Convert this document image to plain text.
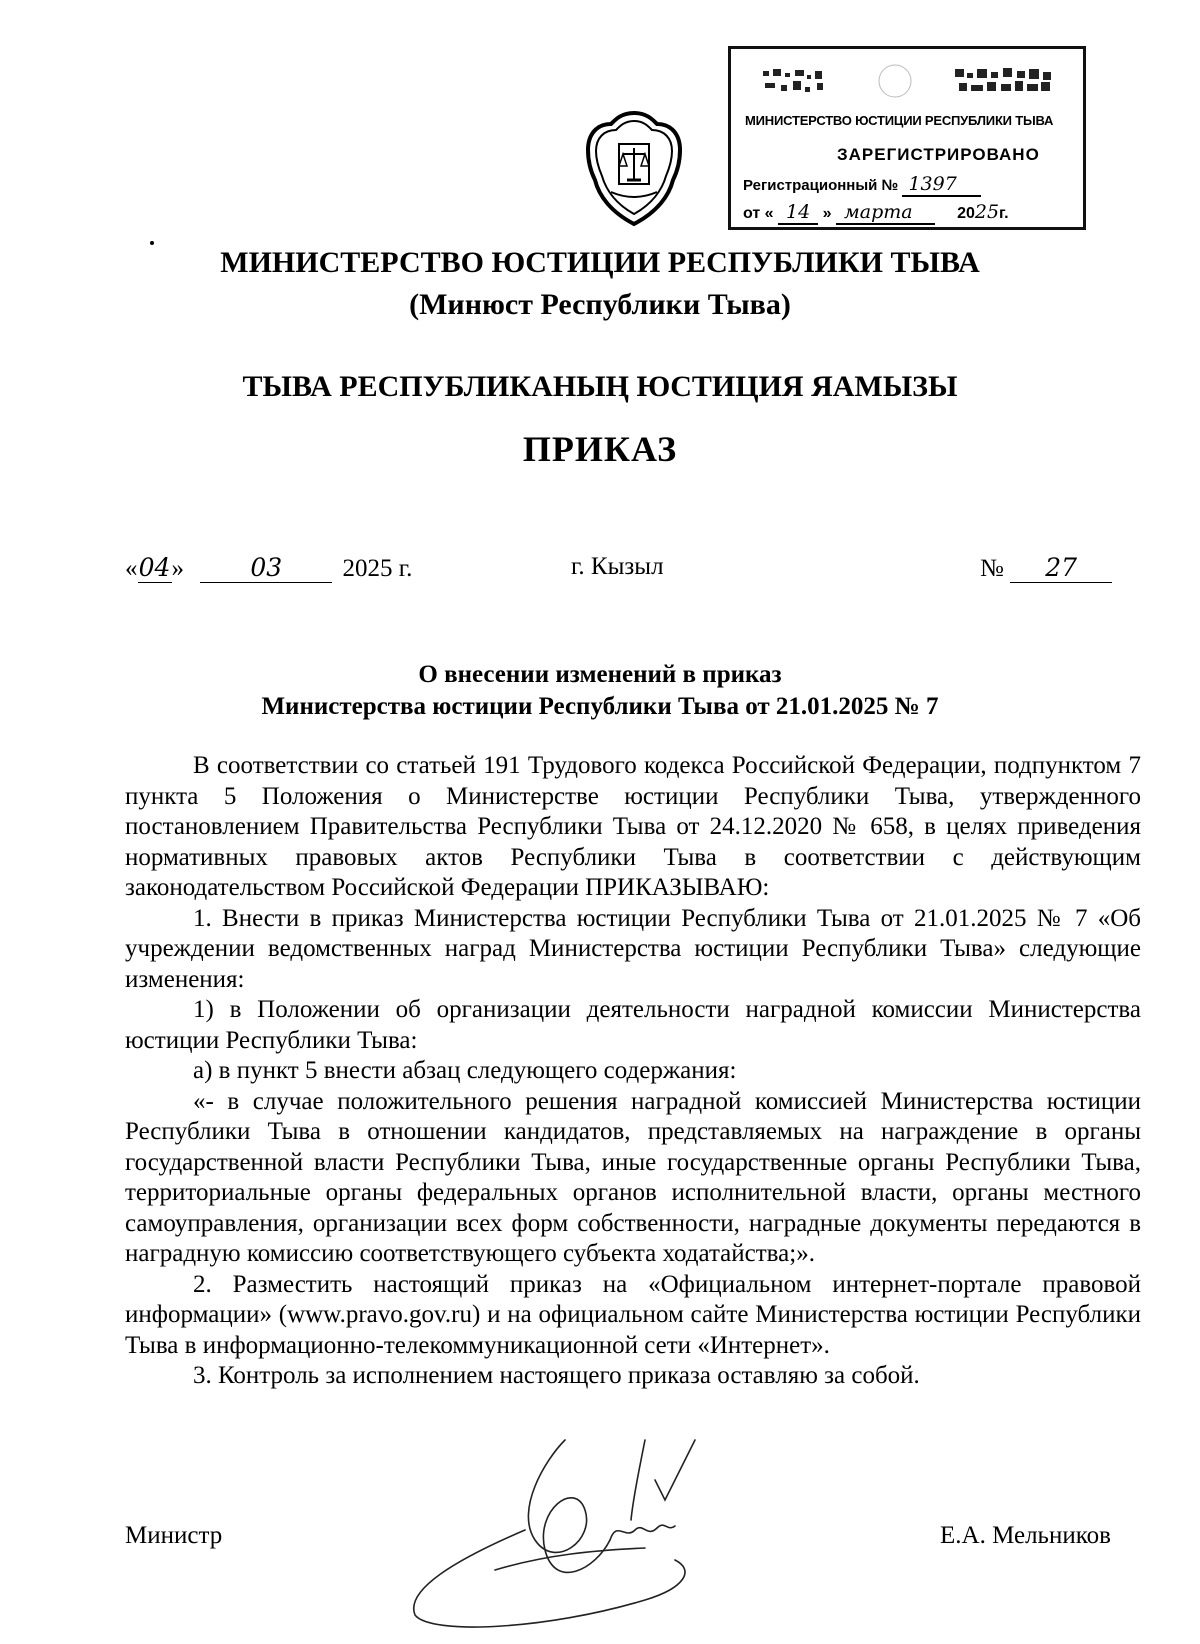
МИНИСТЕРСТВО ЮСТИЦИИ РЕСПУБЛИКИ ТЫВА
ЗАРЕГИСТРИРОВАНО
Регистрационный № 1397
от « 14 » марта	2025г.
МИНИСТЕРСТВО ЮСТИЦИИ РЕСПУБЛИКИ ТЫВА
(Минюст Республики Тыва)
ТЫВА РЕСПУБЛИКАНЫҢ ЮСТИЦИЯ ЯАМЫЗЫ
ПРИКАЗ
«04»	03 2025 г.	г. Кызыл	№ 27
О внесении изменений в приказ
Министерства юстиции Республики Тыва от 21.01.2025 № 7

В соответствии со статьей 191 Трудового кодекса Российской Федерации, подпунктом 7 пункта 5 Положения о Министерстве юстиции Республики Тыва, утвержденного постановлением Правительства Республики Тыва от 24.12.2020 № 658, в целях приведения нормативных правовых актов Республики Тыва в соответствии с действующим законодательством Российской Федерации ПРИКАЗЫВАЮ:

1. Внести в приказ Министерства юстиции Республики Тыва от 21.01.2025 № 7 «Об учреждении ведомственных наград Министерства юстиции Республики Тыва» следующие изменения:

1) в Положении об организации деятельности наградной комиссии Министерства юстиции Республики Тыва:

а) в пункт 5 внести абзац следующего содержания:

«- в случае положительного решения наградной комиссией Министерства юстиции Республики Тыва в отношении кандидатов, представляемых на награждение в органы государственной власти Республики Тыва, иные государственные органы Республики Тыва, территориальные органы федеральных органов исполнительной власти, органы местного самоуправления, организации всех форм собственности, наградные документы передаются в наградную комиссию соответствующего субъекта ходатайства;».

2. Разместить настоящий приказ на «Официальном интернет-портале правовой информации» (www.pravo.gov.ru) и на официальном сайте Министерства юстиции Республики Тыва в информационно-телекоммуникационной сети «Интернет».

3. Контроль за исполнением настоящего приказа оставляю за собой.

Министр	Е.А. Мельников
